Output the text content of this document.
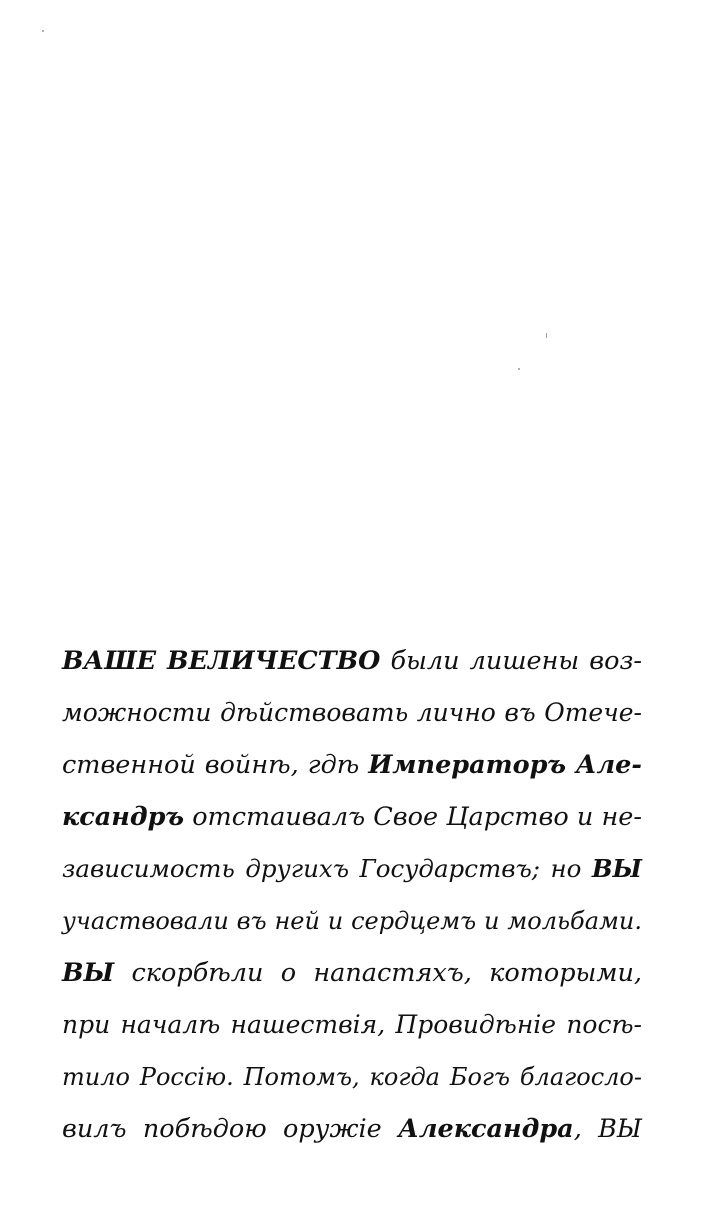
ВАШЕ ВЕЛИЧЕСТВО были лишены воз-
можности дѣйствовать лично въ Отече-
ственной войнѣ, гдѣ Императоръ Але-
ксандръ отстаивалъ Свое Царство и не-
зависимость другихъ Государствъ; но ВЫ
участвовали въ ней и сердцемъ и мольбами.
ВЫ скорбѣли о напастяхъ, которыми,
при началѣ нашествія, Провидѣніе посѣ-
тило Россію. Потомъ, когда Богъ благосло-
вилъ побѣдою оружіе Александра, ВЫ
